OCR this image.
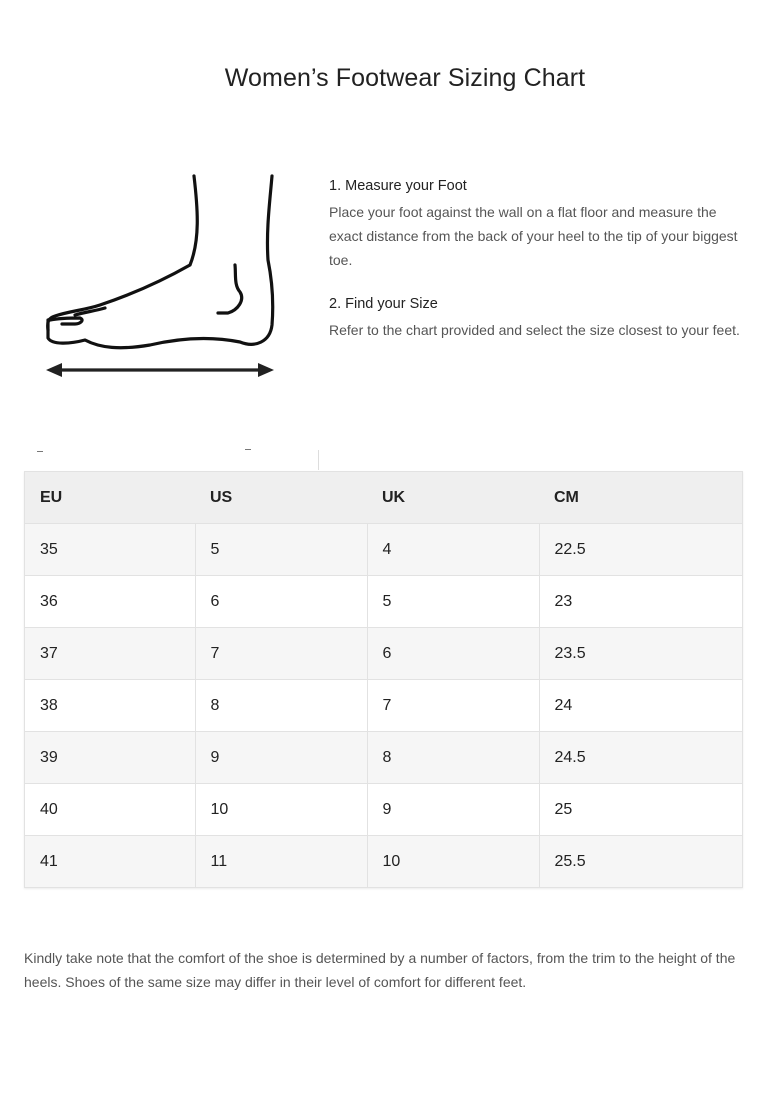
Women’s Footwear Sizing Chart

1. Measure your Foot

Place your foot against the wall on a flat floor and measure the exact distance from the back of your heel to the tip of your biggest toe.

2. Find your Size

Refer to the chart provided and select the size closest to your feet.

EU	US	UK	CM
35	5	4	22.5
36	6	5	23
37	7	6	23.5
38	8	7	24
39	9	8	24.5
40	10	9	25
41	11	10	25.5

Kindly take note that the comfort of the shoe is determined by a number of factors, from the trim to the height of the heels. Shoes of the same size may differ in their level of comfort for different feet.
